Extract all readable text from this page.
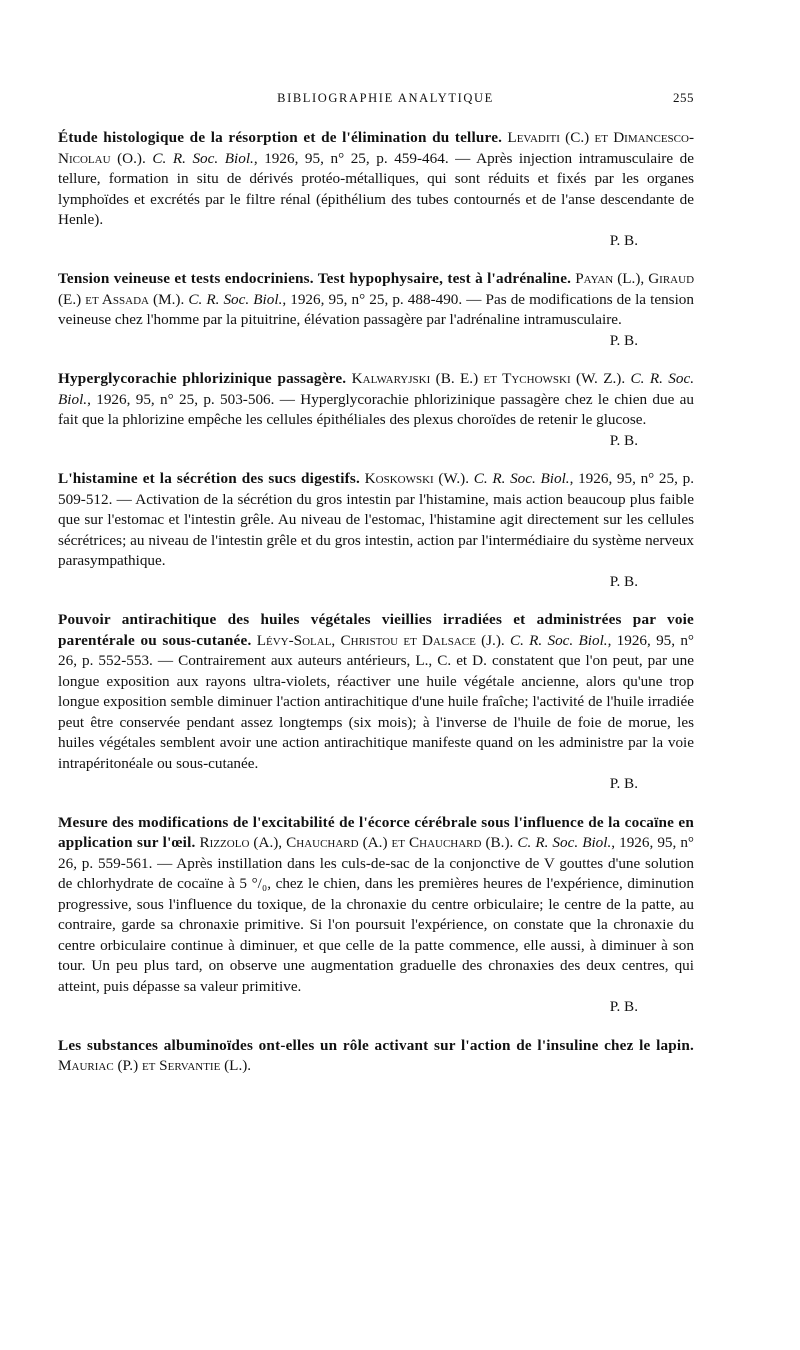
BIBLIOGRAPHIE ANALYTIQUE	255

Étude histologique de la résorption et de l'élimination du tellure. Levaditi (C.) et Dimancesco-Nicolau (O.). C. R. Soc. Biol., 1926, 95, n° 25, p. 459-464. — Après injection intramusculaire de tellure, formation in situ de dérivés protéo-métalliques, qui sont réduits et fixés par les organes lymphoïdes et excrétés par le filtre rénal (épithélium des tubes contournés et de l'anse descendante de Henle).
P. B.

Tension veineuse et tests endocriniens. Test hypophysaire, test à l'adrénaline. Payan (L.), Giraud (E.) et Assada (M.). C. R. Soc. Biol., 1926, 95, n° 25, p. 488-490. — Pas de modifications de la tension veineuse chez l'homme par la pituitrine, élévation passagère par l'adrénaline intramusculaire.
P. B.

Hyperglycorachie phlorizinique passagère. Kalwaryjski (B. E.) et Tychowski (W. Z.). C. R. Soc. Biol., 1926, 95, n° 25, p. 503-506. — Hyperglycorachie phlorizinique passagère chez le chien due au fait que la phlorizine empêche les cellules épithéliales des plexus choroïdes de retenir le glucose.
P. B.

L'histamine et la sécrétion des sucs digestifs. Koskowski (W.). C. R. Soc. Biol., 1926, 95, n° 25, p. 509-512. — Activation de la sécrétion du gros intestin par l'histamine, mais action beaucoup plus faible que sur l'estomac et l'intestin grêle. Au niveau de l'estomac, l'histamine agit directement sur les cellules sécrétrices; au niveau de l'intestin grêle et du gros intestin, action par l'intermédiaire du système nerveux parasympathique.
P. B.

Pouvoir antirachitique des huiles végétales vieillies irradiées et administrées par voie parentérale ou sous-cutanée. Lévy-Solal, Christou et Dalsace (J.). C. R. Soc. Biol., 1926, 95, n° 26, p. 552-553. — Contrairement aux auteurs antérieurs, L., C. et D. constatent que l'on peut, par une longue exposition aux rayons ultra-violets, réactiver une huile végétale ancienne, alors qu'une trop longue exposition semble diminuer l'action antirachitique d'une huile fraîche; l'activité de l'huile irradiée peut être conservée pendant assez longtemps (six mois); à l'inverse de l'huile de foie de morue, les huiles végétales semblent avoir une action antirachitique manifeste quand on les administre par la voie intrapéritonéale ou sous-cutanée.
P. B.

Mesure des modifications de l'excitabilité de l'écorce cérébrale sous l'influence de la cocaïne en application sur l'œil. Rizzolo (A.), Chauchard (A.) et Chauchard (B.). C. R. Soc. Biol., 1926, 95, n° 26, p. 559-561. — Après instillation dans les culs-de-sac de la conjonctive de V gouttes d'une solution de chlorhydrate de cocaïne à 5 °/₀, chez le chien, dans les premières heures de l'expérience, diminution progressive, sous l'influence du toxique, de la chronaxie du centre orbiculaire; le centre de la patte, au contraire, garde sa chronaxie primitive. Si l'on poursuit l'expérience, on constate que la chronaxie du centre orbiculaire continue à diminuer, et que celle de la patte commence, elle aussi, à diminuer à son tour. Un peu plus tard, on observe une augmentation graduelle des chronaxies des deux centres, qui atteint, puis dépasse sa valeur primitive.
P. B.

Les substances albuminoïdes ont-elles un rôle activant sur l'action de l'insuline chez le lapin. Mauriac (P.) et Servantie (L.).
